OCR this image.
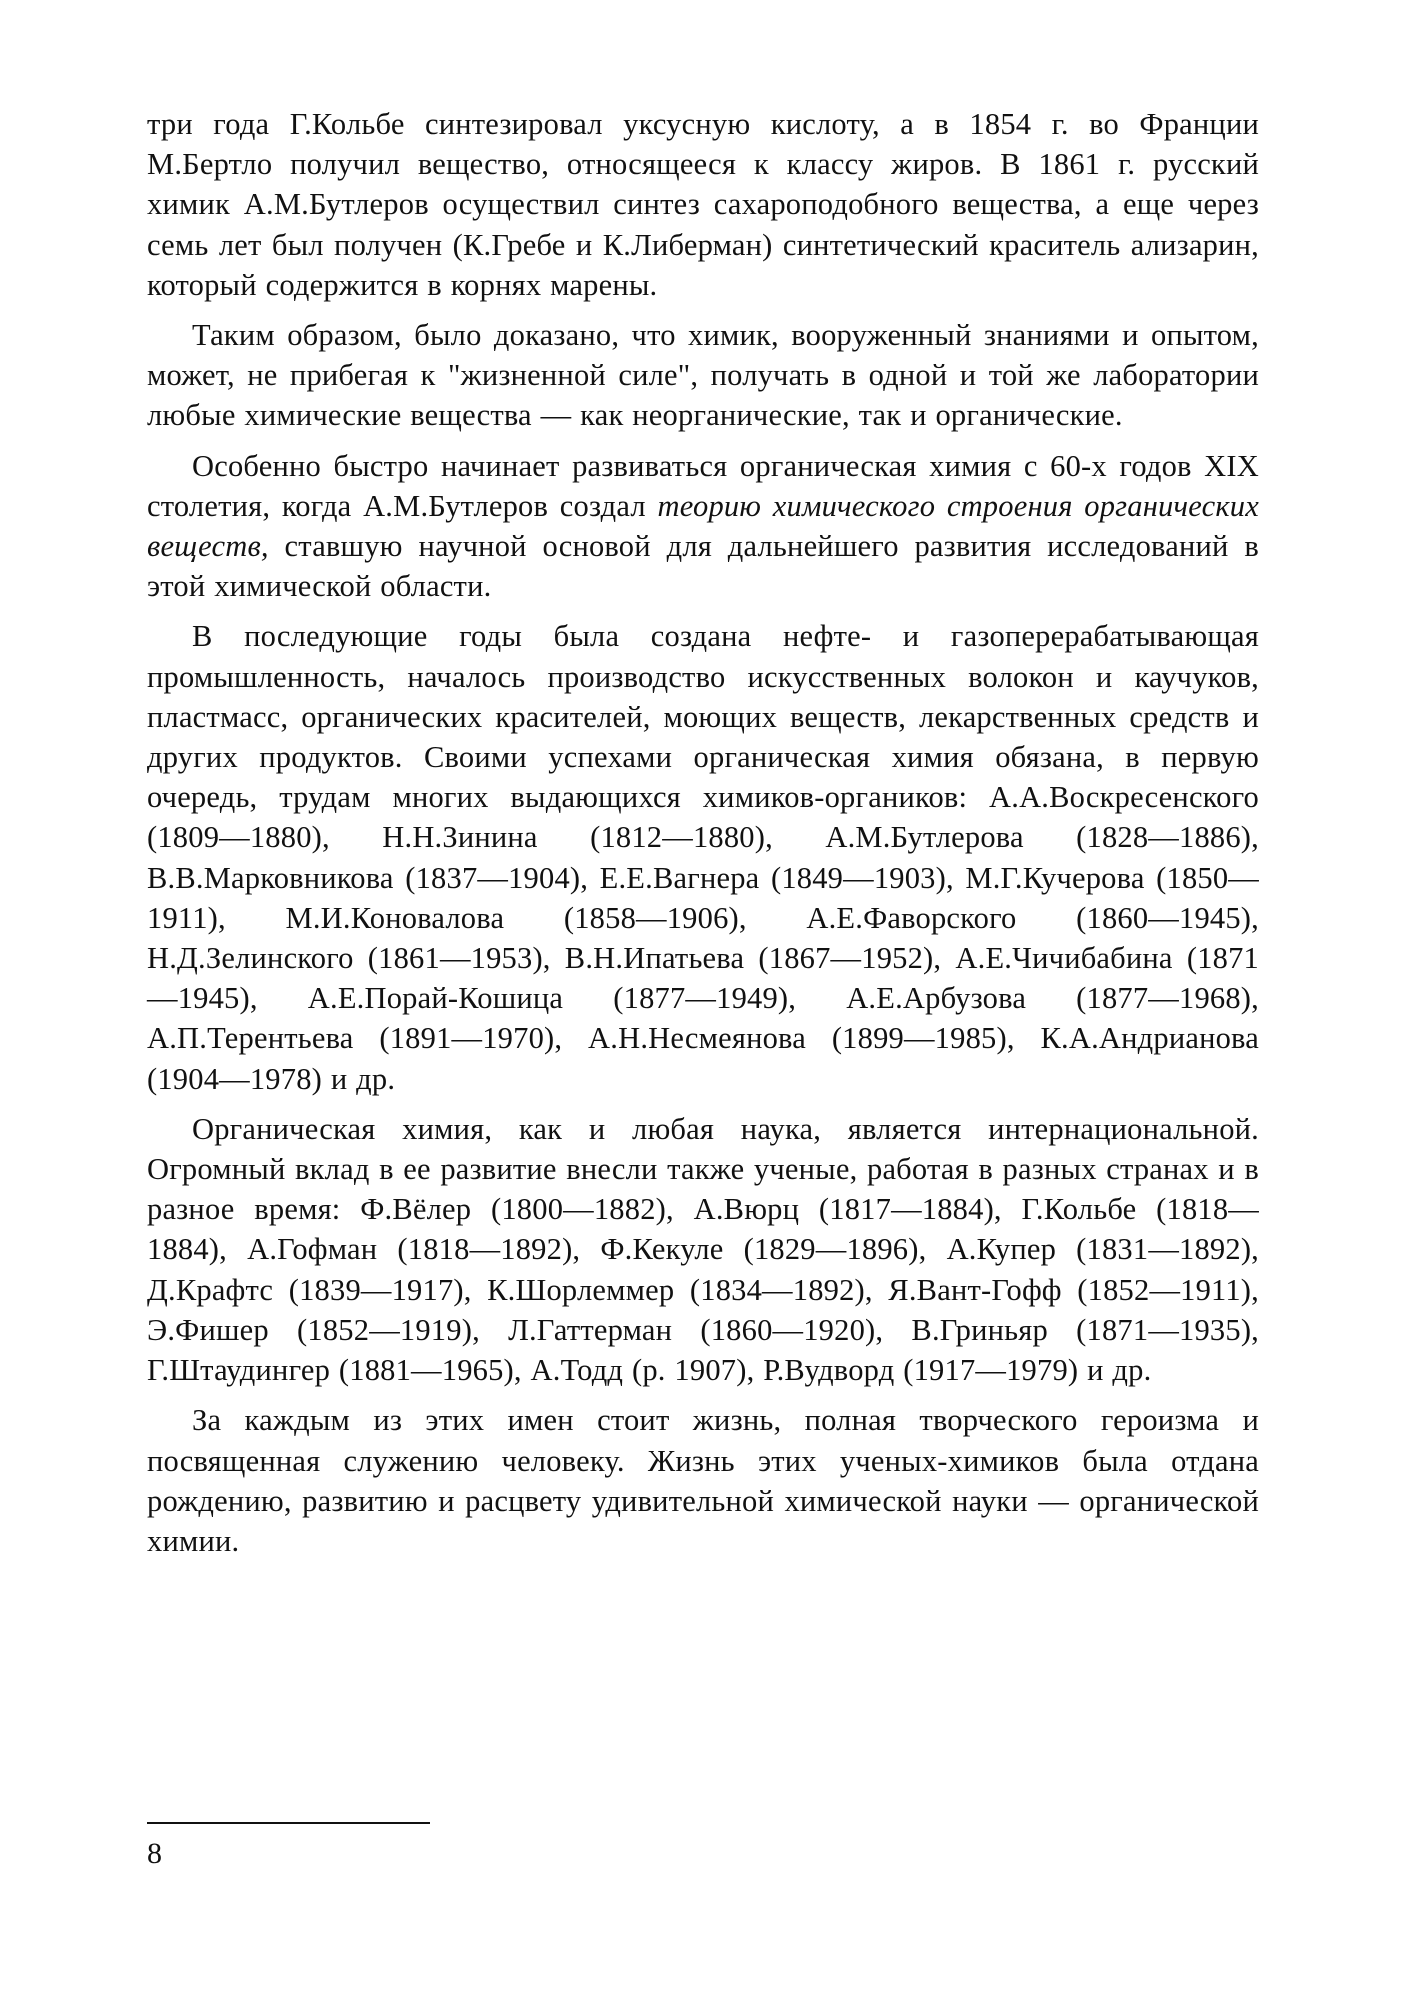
три года Г.Кольбе синтезировал уксусную кислоту, а в 1854 г. во Франции М.Бертло получил вещество, относящееся к классу жиров. В 1861 г. русский химик А.М.Бутлеров осуществил синтез сахароподобного вещества, а еще через семь лет был получен (К.Гребе и К.Либерман) синтетический краситель ализарин, который содержится в корнях марены.

Таким образом, было доказано, что химик, вооруженный знаниями и опытом, может, не прибегая к "жизненной силе", получать в одной и той же лаборатории любые химические вещества — как неорганические, так и органические.

Особенно быстро начинает развиваться органическая химия с 60-х годов XIX столетия, когда А.М.Бутлеров создал теорию химического строения органических веществ, ставшую научной основой для дальнейшего развития исследований в этой химической области.

В последующие годы была создана нефте- и газоперерабатывающая промышленность, началось производство искусственных волокон и каучуков, пластмасс, органических красителей, моющих веществ, лекарственных средств и других продуктов. Своими успехами органическая химия обязана, в первую очередь, трудам многих выдающихся химиков-органиков: А.А.Воскресенского (1809—1880), Н.Н.Зинина (1812—1880), А.М.Бутлерова (1828—1886), В.В.Марковникова (1837—1904), Е.Е.Вагнера (1849—1903), М.Г.Кучерова (1850—1911), М.И.Коновалова (1858—1906), А.Е.Фаворского (1860—1945), Н.Д.Зелинского (1861—1953), В.Н.Ипатьева (1867—1952), А.Е.Чичибабина (1871—1945), А.Е.Порай-Кошица (1877—1949), А.Е.Арбузова (1877—1968), А.П.Терентьева (1891—1970), А.Н.Несмеянова (1899—1985), К.А.Андрианова (1904—1978) и др.

Органическая химия, как и любая наука, является интернациональной. Огромный вклад в ее развитие внесли также ученые, работая в разных странах и в разное время: Ф.Вёлер (1800—1882), А.Вюрц (1817—1884), Г.Кольбе (1818—1884), А.Гофман (1818—1892), Ф.Кекуле (1829—1896), А.Купер (1831—1892), Д.Крафтс (1839—1917), К.Шорлеммер (1834—1892), Я.Вант-Гофф (1852—1911), Э.Фишер (1852—1919), Л.Гаттерман (1860—1920), В.Гриньяр (1871—1935), Г.Штаудингер (1881—1965), А.Тодд (р. 1907), Р.Вудворд (1917—1979) и др.

За каждым из этих имен стоит жизнь, полная творческого героизма и посвященная служению человеку. Жизнь этих ученых-химиков была отдана рождению, развитию и расцвету удивительной химической науки — органической химии.

8
